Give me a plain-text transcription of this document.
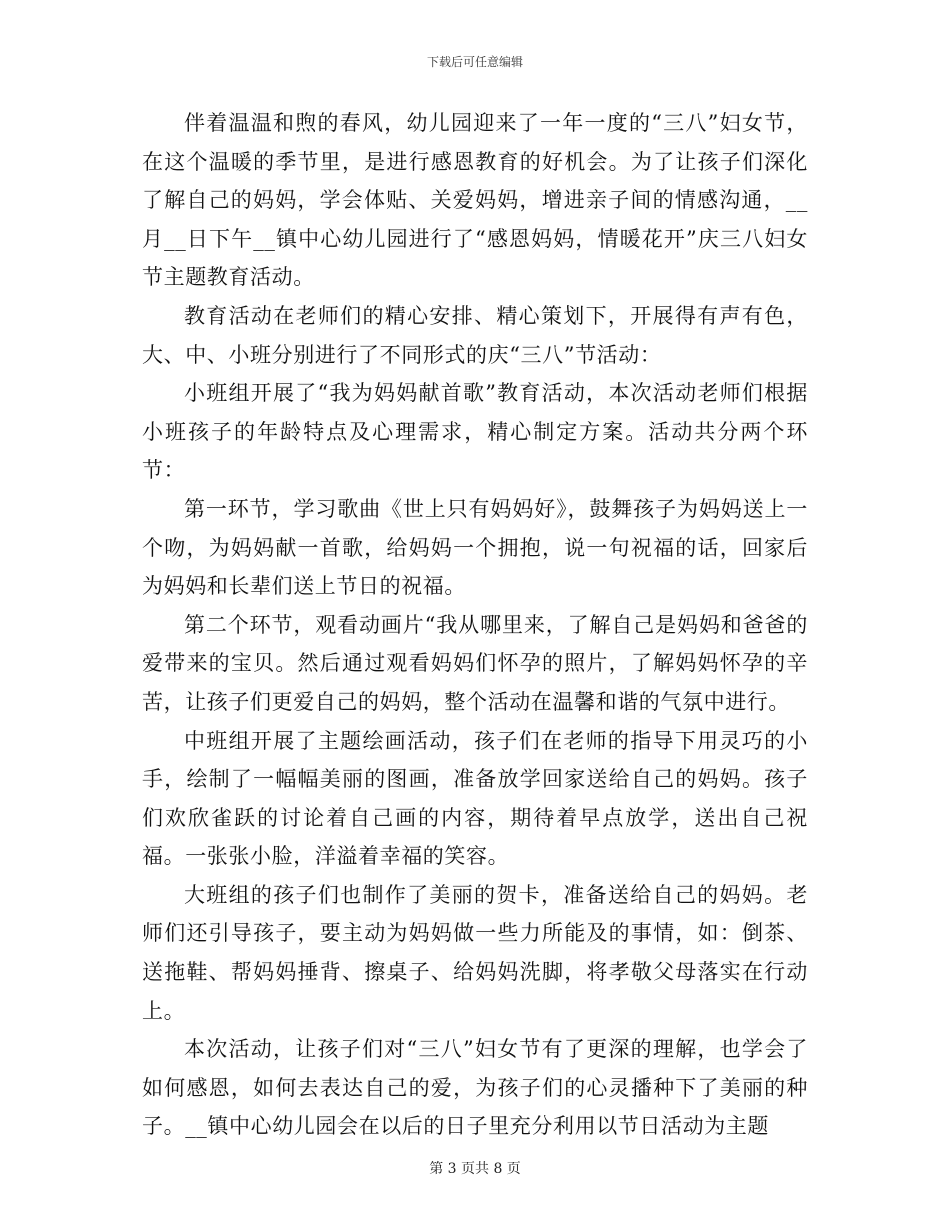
下载后可任意编辑

伴着温温和煦的春风，幼儿园迎来了一年一度的“三八”妇女节，在这个温暖的季节里，是进行感恩教育的好机会。为了让孩子们深化了解自己的妈妈，学会体贴、关爱妈妈，增进亲子间的情感沟通，__月__日下午__镇中心幼儿园进行了“感恩妈妈，情暖花开”庆三八妇女节主题教育活动。

教育活动在老师们的精心安排、精心策划下，开展得有声有色，大、中、小班分别进行了不同形式的庆“三八”节活动：

小班组开展了“我为妈妈献首歌”教育活动，本次活动老师们根据小班孩子的年龄特点及心理需求，精心制定方案。活动共分两个环节：

第一环节，学习歌曲《世上只有妈妈好》，鼓舞孩子为妈妈送上一个吻，为妈妈献一首歌，给妈妈一个拥抱，说一句祝福的话，回家后为妈妈和长辈们送上节日的祝福。

第二个环节，观看动画片“我从哪里来，了解自己是妈妈和爸爸的爱带来的宝贝。然后通过观看妈妈们怀孕的照片，了解妈妈怀孕的辛苦，让孩子们更爱自己的妈妈，整个活动在温馨和谐的气氛中进行。

中班组开展了主题绘画活动，孩子们在老师的指导下用灵巧的小手，绘制了一幅幅美丽的图画，准备放学回家送给自己的妈妈。孩子们欢欣雀跃的讨论着自己画的内容，期待着早点放学，送出自己祝福。一张张小脸，洋溢着幸福的笑容。

大班组的孩子们也制作了美丽的贺卡，准备送给自己的妈妈。老师们还引导孩子，要主动为妈妈做一些力所能及的事情，如：倒茶、送拖鞋、帮妈妈捶背、擦桌子、给妈妈洗脚，将孝敬父母落实在行动上。

本次活动，让孩子们对“三八”妇女节有了更深的理解，也学会了如何感恩，如何去表达自己的爱，为孩子们的心灵播种下了美丽的种子。__镇中心幼儿园会在以后的日子里充分利用以节日活动为主题

第 3 页共 8 页
